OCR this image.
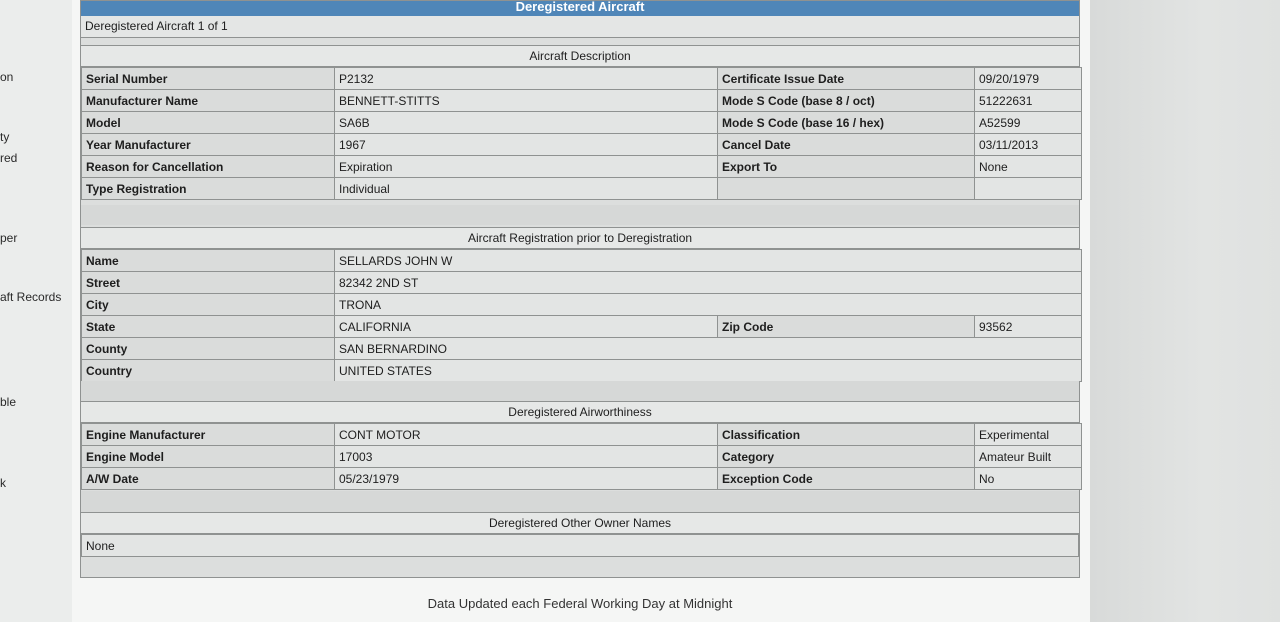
on
ty
red
per
aft Records
ble
k
Deregistered Aircraft
Deregistered Aircraft 1 of 1
Aircraft Description
Serial Number	P2132	Certificate Issue Date	09/20/1979
Manufacturer Name	BENNETT-STITTS	Mode S Code (base 8 / oct)	51222631
Model	SA6B	Mode S Code (base 16 / hex)	A52599
Year Manufacturer	1967	Cancel Date	03/11/2013
Reason for Cancellation	Expiration	Export To	None
Type Registration	Individual		
Aircraft Registration prior to Deregistration
Name	SELLARDS JOHN W		
Street	82342 2ND ST		
City	TRONA		
State	CALIFORNIA	Zip Code	93562
County	SAN BERNARDINO		
Country	UNITED STATES		
Deregistered Airworthiness
Engine Manufacturer	CONT MOTOR	Classification	Experimental
Engine Model	17003	Category	Amateur Built
A/W Date	05/23/1979	Exception Code	No
Deregistered Other Owner Names
None
Data Updated each Federal Working Day at Midnight
